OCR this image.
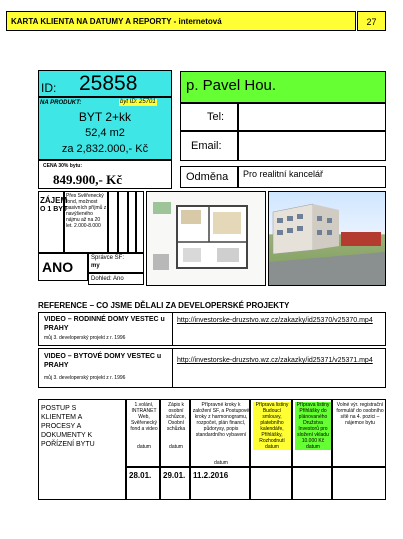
KARTA KLIENTA NA DATUMY A REPORTY - internetová	27
ID: 25858
NA PRODUKT:	byt ID: 25701
BYT 2+kk
52,4 m2
za 2,832.000,- Kč
CENA 30% bytu:
849.900,- Kč
p. Pavel Hou.
Tel:
Email:
Odměna Pro realitní kancelář
ZÁJEM
O 1 BYT
Přes Svěřenecký fond, možnost pasivních příjmů z navýšeného nájmu až na 20 let. 2.000-8.000
ANO
Správce SF:
my
Dohled: Ano
REFERENCE – CO JSME DĚLALI ZA DEVELOPERSKÉ PROJEKTY
VIDEO – RODINNÉ DOMY VESTEC u PRAHY
můj 3. developerský projekt z r. 1996
http://investorske-druzstvo.wz.cz/zakazky/id25370/v25370.mp4
VIDEO – BYTOVÉ DOMY VESTEC u PRAHY
můj 3. developerský projekt z r. 1996
http://investorske-druzstvo.wz.cz/zakazky/id25371/v25371.mp4
POSTUP S KLIENTEM A PROCESY A DOKUMENTY K POŘÍZENÍ BYTU
1.volání, INTRANET Web, Svěřenecký fond a video
datum
Zápis k osobní schůzce, Osobní schůzka
datum
Přípravné kroky k založení SF, a Postupové kroky z harmonogramu, rozpočet, plán financí, půdorysy, popis standardního vybavení
datum
Příprava listiny Budoucí smlouvy, platebního kalendáře, Přihlášky, Rozhodnutí datum
Příprava listiny Přihlášky do plánovaného Družstva Investorů pro složení vkladu 10.000 Kč datum
Volné výr. registrační formulář do osobního sítě na 4. pozici – nájemce bytu
28.01. 29.01. 11.2.2016
